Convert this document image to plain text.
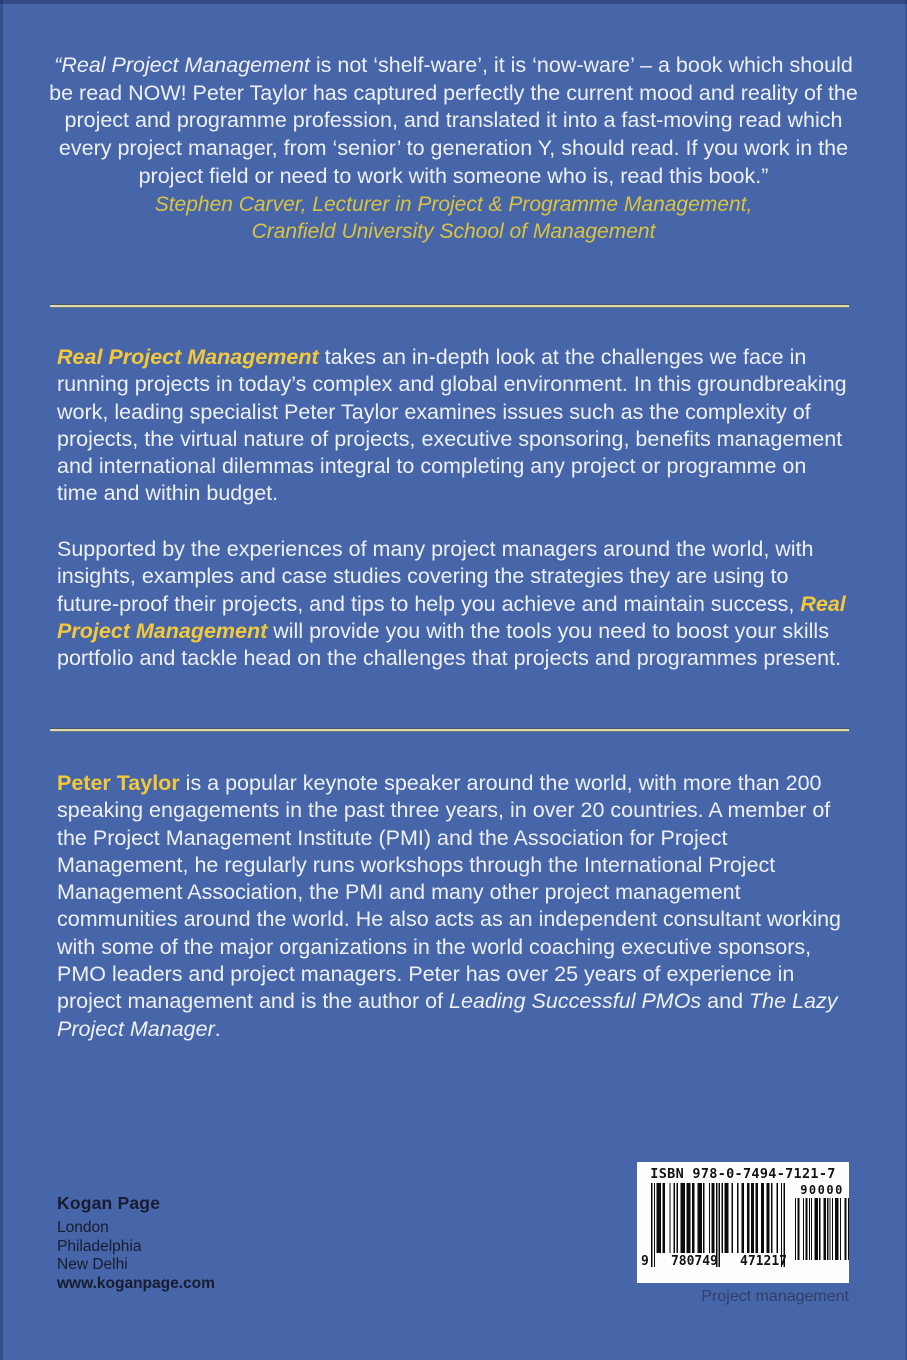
“Real Project Management is not ‘shelf-ware’, it is ‘now-ware’ – a book which should be read NOW! Peter Taylor has captured perfectly the current mood and reality of the project and programme profession, and translated it into a fast-moving read which every project manager, from ‘senior’ to generation Y, should read. If you work in the project field or need to work with someone who is, read this book.”

Stephen Carver, Lecturer in Project & Programme Management,

Cranfield University School of Management

Real Project Management takes an in-depth look at the challenges we face in running projects in today’s complex and global environment. In this groundbreaking work, leading specialist Peter Taylor examines issues such as the complexity of projects, the virtual nature of projects, executive sponsoring, benefits management and international dilemmas integral to completing any project or programme on time and within budget.

Supported by the experiences of many project managers around the world, with insights, examples and case studies covering the strategies they are using to future-proof their projects, and tips to help you achieve and maintain success, Real Project Management will provide you with the tools you need to boost your skills portfolio and tackle head on the challenges that projects and programmes present.

Peter Taylor is a popular keynote speaker around the world, with more than 200 speaking engagements in the past three years, in over 20 countries. A member of the Project Management Institute (PMI) and the Association for Project Management, he regularly runs workshops through the International Project Management Association, the PMI and many other project management communities around the world. He also acts as an independent consultant working with some of the major organizations in the world coaching executive sponsors, PMO leaders and project managers. Peter has over 25 years of experience in project management and is the author of Leading Successful PMOs and The Lazy Project Manager.

Kogan Page
London
Philadelphia
New Delhi
www.koganpage.com
ISBN 978-0-7494-7121-7
9 780749 471217
90000
Project management
